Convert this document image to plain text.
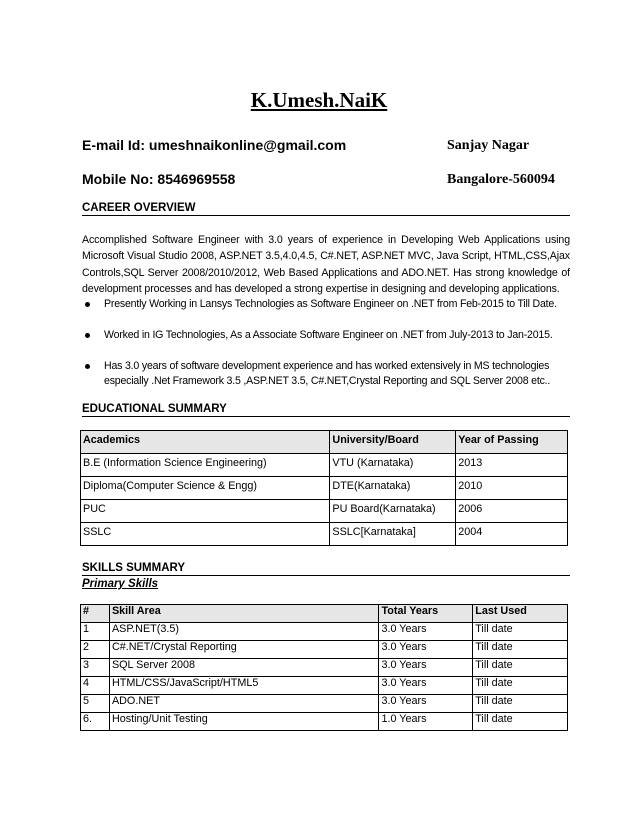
K.Umesh.NaiK
E-mail Id: umeshnaikonline@gmail.com	Sanjay Nagar
Mobile No: 8546969558	Bangalore-560094
CAREER OVERVIEW
Accomplished Software Engineer with 3.0 years of experience in Developing Web Applications using Microsoft Visual Studio 2008, ASP.NET 3.5,4.0,4.5, C#.NET, ASP.NET MVC, Java Script, HTML,CSS,Ajax Controls,SQL Server 2008/2010/2012, Web Based Applications and ADO.NET. Has strong knowledge of development processes and has developed a strong expertise in designing and developing applications.
Presently Working in Lansys Technologies as Software Engineer on .NET from Feb-2015 to Till Date.
Worked in IG Technologies, As a Associate Software Engineer on .NET from July-2013 to Jan-2015.
Has 3.0 years of software development experience and has worked extensively in MS technologies especially .Net Framework 3.5 ,ASP.NET 3.5, C#.NET,Crystal Reporting and SQL Server 2008 etc..
EDUCATIONAL SUMMARY
Academics	University/Board	Year of Passing
B.E (Information Science Engineering)	VTU (Karnataka)	2013
Diploma(Computer Science & Engg)	DTE(Karnataka)	2010
PUC	PU Board(Karnataka)	2006
SSLC	SSLC[Karnataka]	2004
SKILLS SUMMARY
Primary Skills
#	Skill Area	Total Years	Last Used
1	ASP.NET(3.5)	3.0 Years	Till date
2	C#.NET/Crystal Reporting	3.0 Years	Till date
3	SQL Server 2008	3.0 Years	Till date
4	HTML/CSS/JavaScript/HTML5	3.0 Years	Till date
5	ADO.NET	3.0 Years	Till date
6.	Hosting/Unit Testing	1.0 Years	Till date
